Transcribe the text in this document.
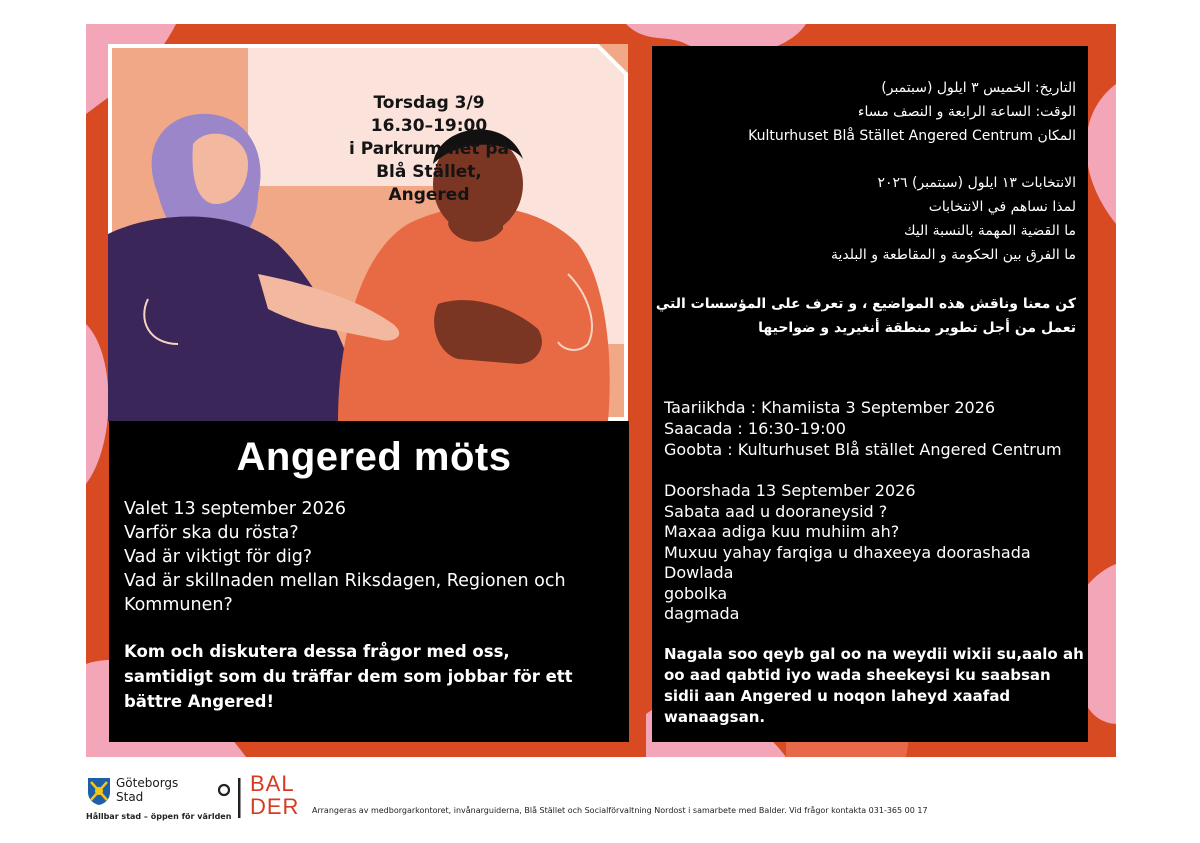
Torsdag 3/9
16.30–19:00
i Parkrummet på
Blå Stället,
Angered
Angered möts
Valet 13 september 2026
Varför ska du rösta?
Vad är viktigt för dig?
Vad är skillnaden mellan Riksdagen, Regionen och
Kommunen?
Kom och diskutera dessa frågor med oss,
samtidigt som du träffar dem som jobbar för ett
bättre Angered!
التاريخ: الخميس ٣ ايلول (سبتمبر)
الوقت: الساعة الرابعة و النصف مساء
المكان Kulturhuset Blå Stället Angered Centrum
الانتخابات ١٣ ايلول (سبتمبر) ٢٠٢٦
لمذا نساهم في الانتخابات
ما القضية المهمة بالنسبة اليك
ما الفرق بين الحكومة و المقاطعة و البلدية
كن معنا وناقش هذه المواضيع ، و تعرف على المؤسسات التي
تعمل من أجل تطوير منطقة أنغيريد و ضواحيها
Taariikhda : Khamiista 3 September 2026
Saacada : 16:30-19:00
Goobta : Kulturhuset Blå stället Angered Centrum
Doorshada 13 September 2026
Sabata aad u dooraneysid ?
Maxaa adiga kuu muhiim ah?
Muxuu yahay farqiga u dhaxeeya doorashada
Dowlada
gobolka
dagmada
Nagala soo qeyb gal oo na weydii wixii su,aalo ah
oo aad qabtid iyo wada sheekeysi ku saabsan
sidii aan Angered u noqon laheyd xaafad
wanaagsan.
Göteborgs
Stad
Hållbar stad – öppen för världen
BAL
DER Arrangeras av medborgarkontoret, invånarguiderna, Blå Stället och Socialförvaltning Nordost i samarbete med Balder. Vid frågor kontakta 031-365 00 17
